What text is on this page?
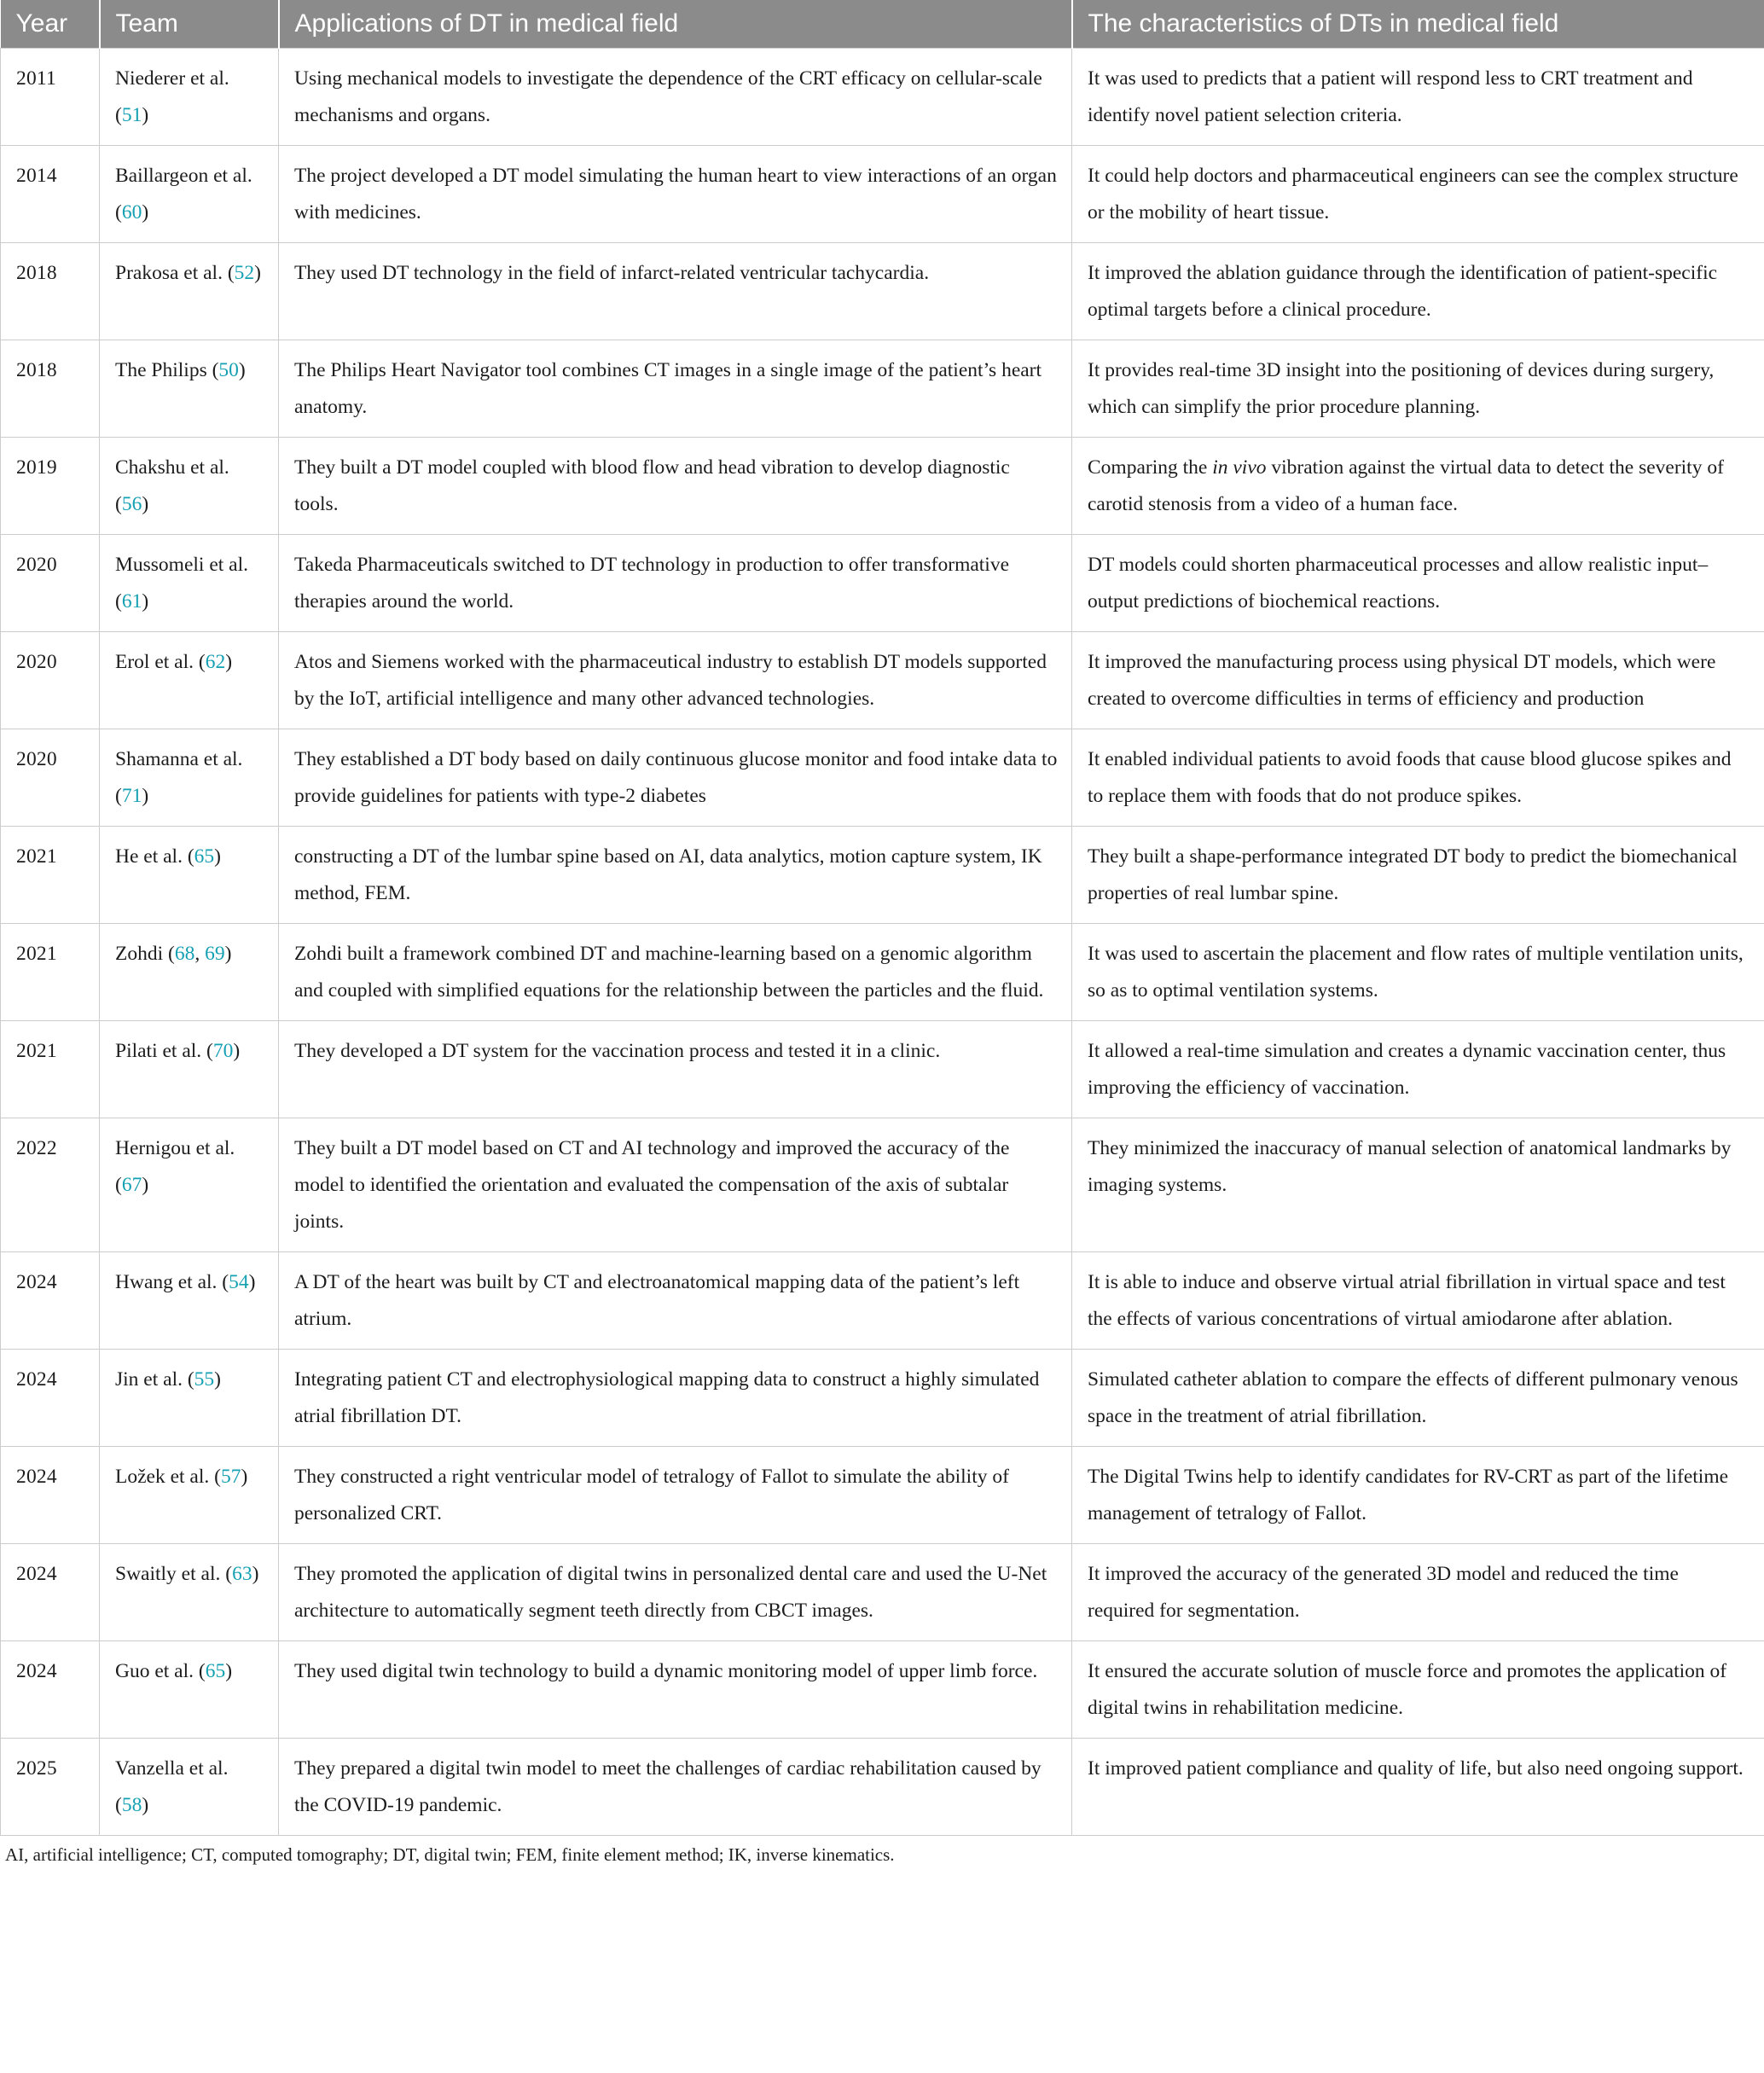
Year	Team	Applications of DT in medical field	The characteristics of DTs in medical field
2011	Niederer et al. (51)	Using mechanical models to investigate the dependence of the CRT efficacy on cellular-scale mechanisms and organs.	It was used to predicts that a patient will respond less to CRT treatment and identify novel patient selection criteria.
2014	Baillargeon et al. (60)	The project developed a DT model simulating the human heart to view interactions of an organ with medicines.	It could help doctors and pharmaceutical engineers can see the complex structure or the mobility of heart tissue.
2018	Prakosa et al. (52)	They used DT technology in the field of infarct-related ventricular tachycardia.	It improved the ablation guidance through the identification of patient-specific optimal targets before a clinical procedure.
2018	The Philips (50)	The Philips Heart Navigator tool combines CT images in a single image of the patient’s heart anatomy.	It provides real-time 3D insight into the positioning of devices during surgery, which can simplify the prior procedure planning.
2019	Chakshu et al. (56)	They built a DT model coupled with blood flow and head vibration to develop diagnostic tools.	Comparing the in vivo vibration against the virtual data to detect the severity of carotid stenosis from a video of a human face.
2020	Mussomeli et al. (61)	Takeda Pharmaceuticals switched to DT technology in production to offer transformative therapies around the world.	DT models could shorten pharmaceutical processes and allow realistic input–output predictions of biochemical reactions.
2020	Erol et al. (62)	Atos and Siemens worked with the pharmaceutical industry to establish DT models supported by the IoT, artificial intelligence and many other advanced technologies.	It improved the manufacturing process using physical DT models, which were created to overcome difficulties in terms of efficiency and production
2020	Shamanna et al. (71)	They established a DT body based on daily continuous glucose monitor and food intake data to provide guidelines for patients with type-2 diabetes	It enabled individual patients to avoid foods that cause blood glucose spikes and to replace them with foods that do not produce spikes.
2021	He et al. (65)	constructing a DT of the lumbar spine based on AI, data analytics, motion capture system, IK method, FEM.	They built a shape-performance integrated DT body to predict the biomechanical properties of real lumbar spine.
2021	Zohdi (68, 69)	Zohdi built a framework combined DT and machine-learning based on a genomic algorithm and coupled with simplified equations for the relationship between the particles and the fluid.	It was used to ascertain the placement and flow rates of multiple ventilation units, so as to optimal ventilation systems.
2021	Pilati et al. (70)	They developed a DT system for the vaccination process and tested it in a clinic.	It allowed a real-time simulation and creates a dynamic vaccination center, thus improving the efficiency of vaccination.
2022	Hernigou et al. (67)	They built a DT model based on CT and AI technology and improved the accuracy of the model to identified the orientation and evaluated the compensation of the axis of subtalar joints.	They minimized the inaccuracy of manual selection of anatomical landmarks by imaging systems.
2024	Hwang et al. (54)	A DT of the heart was built by CT and electroanatomical mapping data of the patient’s left atrium.	It is able to induce and observe virtual atrial fibrillation in virtual space and test the effects of various concentrations of virtual amiodarone after ablation.
2024	Jin et al. (55)	Integrating patient CT and electrophysiological mapping data to construct a highly simulated atrial fibrillation DT.	Simulated catheter ablation to compare the effects of different pulmonary venous space in the treatment of atrial fibrillation.
2024	Ložek et al. (57)	They constructed a right ventricular model of tetralogy of Fallot to simulate the ability of personalized CRT.	The Digital Twins help to identify candidates for RV-CRT as part of the lifetime management of tetralogy of Fallot.
2024	Swaitly et al. (63)	They promoted the application of digital twins in personalized dental care and used the U-Net architecture to automatically segment teeth directly from CBCT images.	It improved the accuracy of the generated 3D model and reduced the time required for segmentation.
2024	Guo et al. (65)	They used digital twin technology to build a dynamic monitoring model of upper limb force.	It ensured the accurate solution of muscle force and promotes the application of digital twins in rehabilitation medicine.
2025	Vanzella et al. (58)	They prepared a digital twin model to meet the challenges of cardiac rehabilitation caused by the COVID-19 pandemic.	It improved patient compliance and quality of life, but also need ongoing support.
AI, artificial intelligence; CT, computed tomography; DT, digital twin; FEM, finite element method; IK, inverse kinematics.
